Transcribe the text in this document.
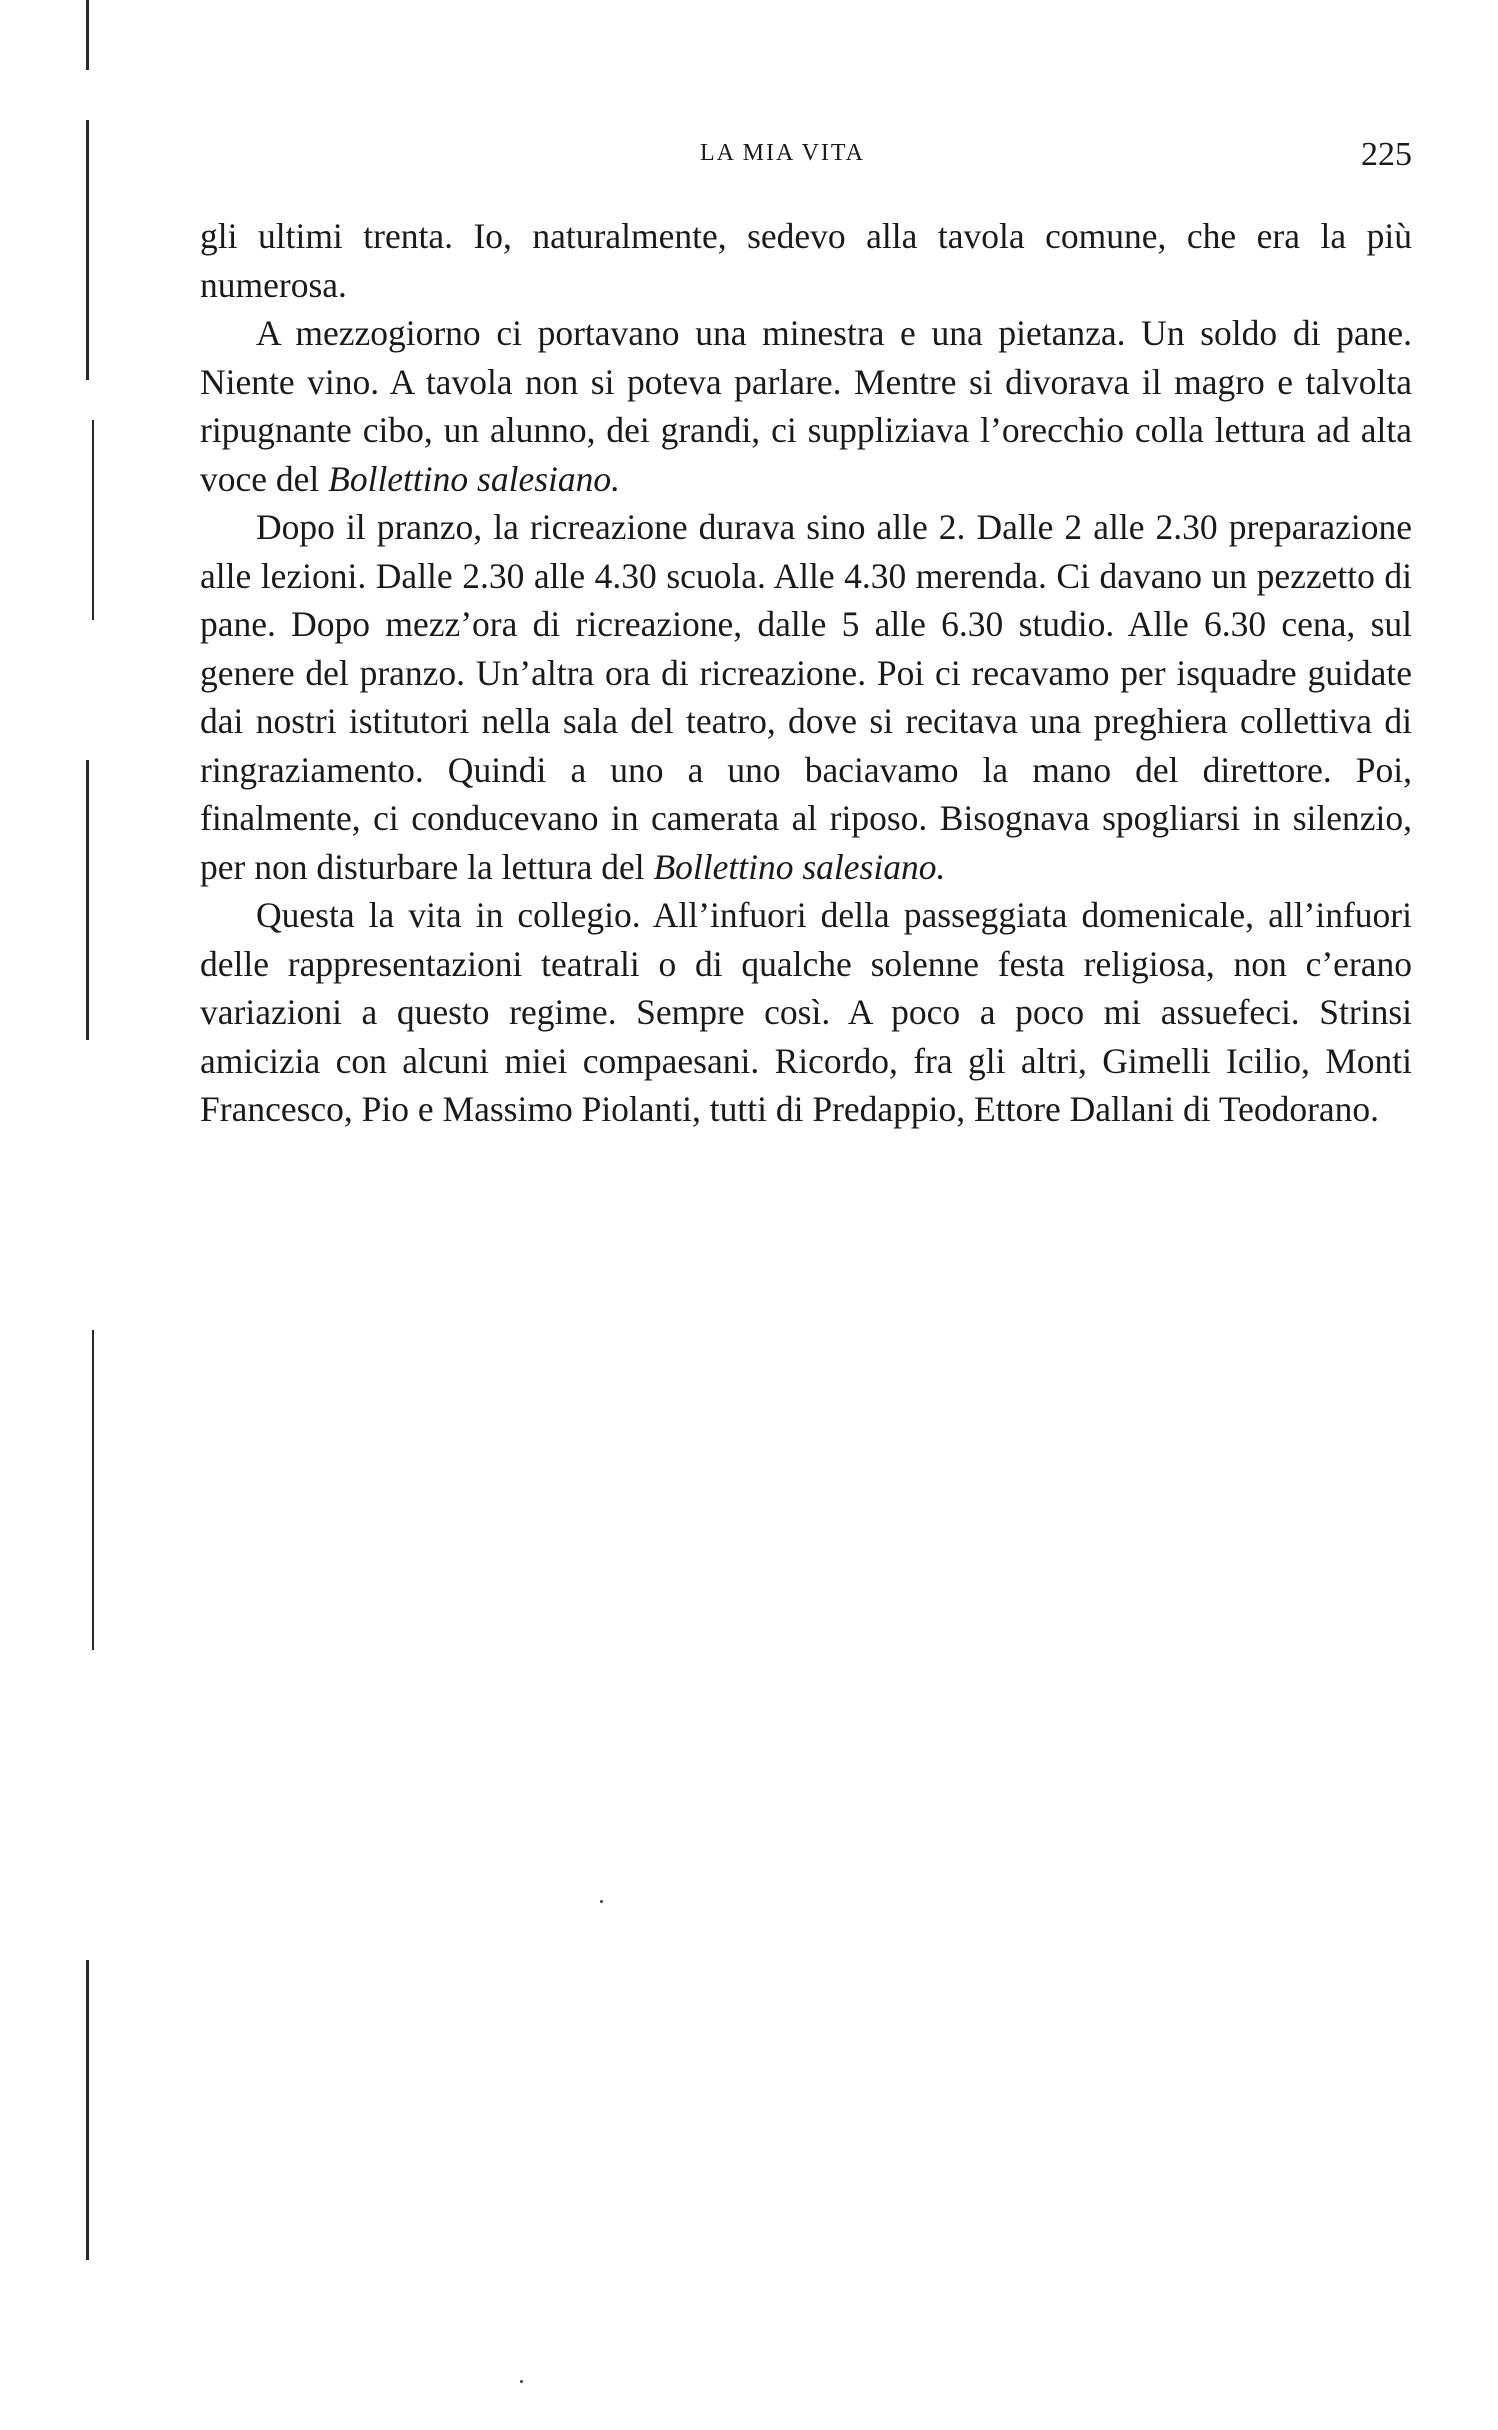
LA MIA VITA	225

gli ultimi trenta. Io, naturalmente, sedevo alla tavola comune, che era la più numerosa.

A mezzogiorno ci portavano una minestra e una pietanza. Un soldo di pane. Niente vino. A tavola non si poteva parlare. Mentre si divorava il magro e talvolta ripugnante cibo, un alunno, dei grandi, ci suppliziava l’orecchio colla lettura ad alta voce del Bollettino salesiano.

Dopo il pranzo, la ricreazione durava sino alle 2. Dalle 2 alle 2.30 preparazione alle lezioni. Dalle 2.30 alle 4.30 scuola. Alle 4.30 merenda. Ci davano un pezzetto di pane. Dopo mezz’ora di ricreazione, dalle 5 alle 6.30 studio. Alle 6.30 cena, sul genere del pranzo. Un’altra ora di ricreazione. Poi ci recavamo per isquadre guidate dai nostri istitutori nella sala del teatro, dove si recitava una preghiera collettiva di ringraziamento. Quindi a uno a uno baciavamo la mano del direttore. Poi, finalmente, ci conducevano in camerata al riposo. Bisognava spogliarsi in silenzio, per non disturbare la lettura del Bollettino salesiano.

Questa la vita in collegio. All’infuori della passeggiata domenicale, all’infuori delle rappresentazioni teatrali o di qualche solenne festa religiosa, non c’erano variazioni a questo regime. Sempre così. A poco a poco mi assuefeci. Strinsi amicizia con alcuni miei compaesani. Ricordo, fra gli altri, Gimelli Icilio, Monti Francesco, Pio e Massimo Piolanti, tutti di Predappio, Ettore Dallani di Teodorano.
